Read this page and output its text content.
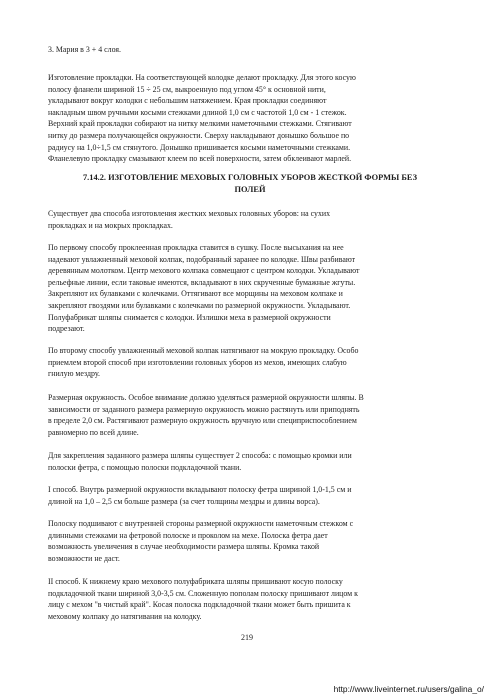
3. Мария в 3 + 4 слоя.

Изготовление прокладки. На соответствующей колодке делают прокладку. Для этого косую
полосу фланели шириной 15 ÷ 25 см, выкроенную под углом 45° к основной нити,
укладывают вокруг колодки с небольшим натяжением. Края прокладки соединяют
накладным швом ручными косыми стежками длиной 1,0 см с частотой 1,0 см - 1 стежок.
Верхний край прокладки собирают на нитку мелкими наметочными стежками. Стягивают
нитку до размера получающейся окружности. Сверху накладывают донышко большое по
радиусу на 1,0÷1,5 см стянутого. Донышко пришивается косыми наметочными стежками.
Фланелевую прокладку смазывают клеем по всей поверхности, затем обклеивают марлей.

7.14.2. ИЗГОТОВЛЕНИЕ МЕХОВЫХ ГОЛОВНЫХ УБОРОВ ЖЕСТКОЙ ФОРМЫ БЕЗ
ПОЛЕЙ

Существует два способа изготовления жестких меховых головных уборов: на сухих
прокладках и на мокрых прокладках.

По первому способу проклеенная прокладка ставится в сушку. После высыхания на нее
надевают увлажненный меховой колпак, подобранный заранее по колодке. Швы разбивают
деревянным молотком. Центр мехового колпака совмещают с центром колодки. Укладывают
рельефные линии, если таковые имеются, вкладывают в них скрученные бумажные жгуты.
Закрепляют их булавками с колечками. Оттягивают все морщины на меховом колпаке и
закрепляют гвоздями или булавками с колечками по размерной окружности. Укладывают.
Полуфабрикат шляпы снимается с колодки. Излишки меха в размерной окружности
подрезают.

По второму способу увлажненный меховой колпак натягивают на мокрую прокладку. Особо
приемлем второй способ при изготовлении головных уборов из мехов, имеющих слабую
гнилую мездру.

Размерная окружность. Особое внимание должно уделяться размерной окружности шляпы. В
зависимости от заданного размера размерную окружность можно растянуть или приподнять
в пределе 2,0 см. Растягивают размерную окружность вручную или специприспособлением
равномерно по всей длине.

Для закрепления заданного размера шляпы существует 2 способа: с помощью кромки или
полоски фетра, с помощью полоски подкладочной ткани.

I способ. Внутрь размерной окружности вкладывают полоску фетра шириной 1,0-1,5 см и
длиной на 1,0 – 2,5 см больше размера (за счет толщины мездры и длины ворса).

Полоску подшивают с внутренней стороны размерной окружности наметочным стежком с
длинными стежками на фетровой полоске и проколом на мехе. Полоска фетра дает
возможность увеличения в случае необходимости размера шляпы. Кромка такой
возможности не даст.

II способ. К нижнему краю мехового полуфабриката шляпы пришивают косую полоску
подкладочной ткани шириной 3,0-3,5 см. Сложенную пополам полоску пришивают лицом к
лицу с мехом "в чистый край". Косая полоска подкладочной ткани может быть пришита к
меховому колпаку до натягивания на колодку.

219
http://www.liveinternet.ru/users/galina_o/
